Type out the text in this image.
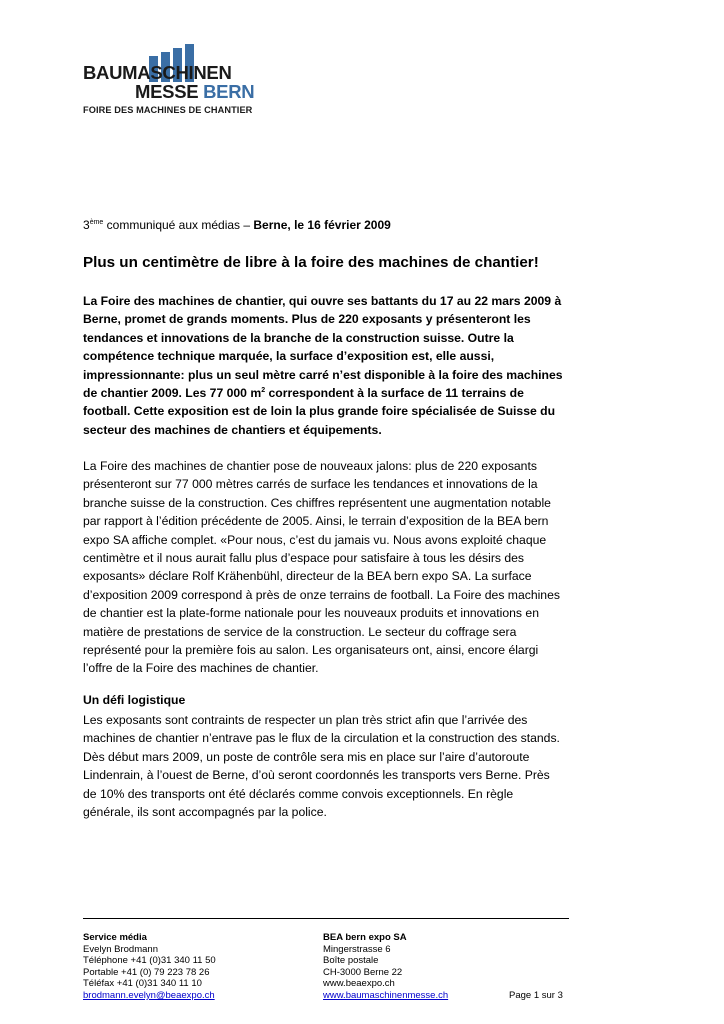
BAUMASCHINEN
MESSE BERN
FOIRE DES MACHINES DE CHANTIER
3ème communiqué aux médias – Berne, le 16 février 2009
Plus un centimètre de libre à la foire des machines de chantier!
La Foire des machines de chantier, qui ouvre ses battants du 17 au 22 mars 2009 à Berne, promet de grands moments. Plus de 220 exposants y présenteront les tendances et innovations de la branche de la construction suisse. Outre la compétence technique marquée, la surface d’exposition est, elle aussi, impressionnante: plus un seul mètre carré n’est disponible à la foire des machines de chantier 2009. Les 77 000 $m^2$ correspondent à la surface de 11 terrains de football. Cette exposition est de loin la plus grande foire spécialisée de Suisse du secteur des machines de chantiers et équipements.
La Foire des machines de chantier pose de nouveaux jalons: plus de 220 exposants présenteront sur 77 000 mètres carrés de surface les tendances et innovations de la branche suisse de la construction. Ces chiffres représentent une augmentation notable par rapport à l’édition précédente de 2005. Ainsi, le terrain d’exposition de la BEA bern expo SA affiche complet. «Pour nous, c’est du jamais vu. Nous avons exploité chaque centimètre et il nous aurait fallu plus d’espace pour satisfaire à tous les désirs des exposants» déclare Rolf Krähenbühl, directeur de la BEA bern expo SA. La surface d’exposition 2009 correspond à près de onze terrains de football. La Foire des machines de chantier est la plate-forme nationale pour les nouveaux produits et innovations en matière de prestations de service de la construction. Le secteur du coffrage sera représenté pour la première fois au salon. Les organisateurs ont, ainsi, encore élargi l’offre de la Foire des machines de chantier.
Un défi logistique
Les exposants sont contraints de respecter un plan très strict afin que l’arrivée des machines de chantier n’entrave pas le flux de la circulation et la construction des stands. Dès début mars 2009, un poste de contrôle sera mis en place sur l’aire d’autoroute Lindenrain, à l’ouest de Berne, d’où seront coordonnés les transports vers Berne. Près de 10% des transports ont été déclarés comme convois exceptionnels. En règle générale, ils sont accompagnés par la police.
Service média
Evelyn Brodmann
Téléphone +41 (0)31 340 11 50
Portable +41 (0) 79 223 78 26
Téléfax +41 (0)31 340 11 10
brodmann.evelyn@beaexpo.ch
BEA bern expo SA
Mingerstrasse 6
Boîte postale
CH-3000 Berne 22
www.beaexpo.ch
www.baumaschinenmesse.ch	Page 1 sur 3
